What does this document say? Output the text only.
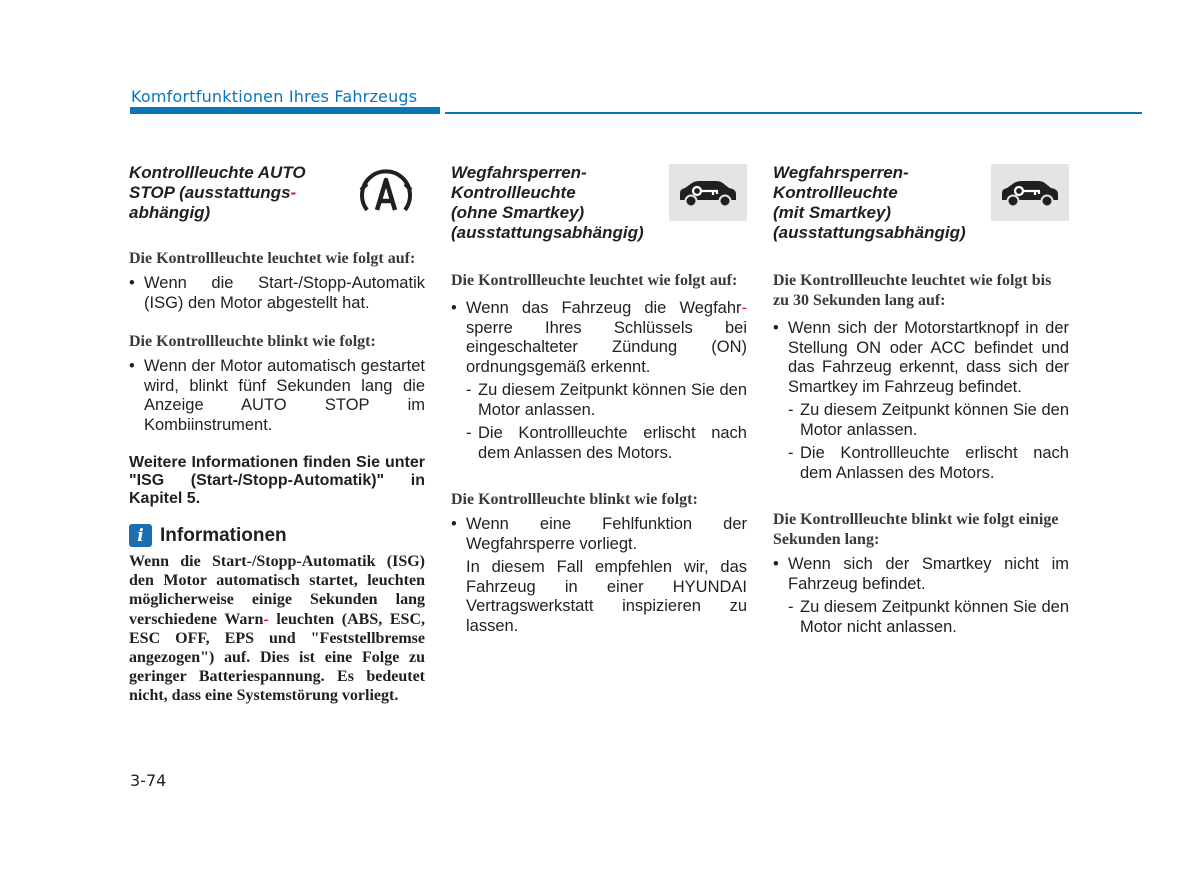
Komfortfunktionen Ihres Fahrzeugs
Kontrollleuchte AUTO
STOP (ausstattungs-
abhängig)
Die Kontrollleuchte leuchtet wie folgt auf:
• Wenn die Start-/Stopp-Automatik (ISG) den Motor abgestellt hat.
Die Kontrollleuchte blinkt wie folgt:
• Wenn der Motor automatisch gestartet wird, blinkt fünf Sekunden lang die Anzeige AUTO STOP im Kombiinstrument.
Weitere Informationen finden Sie unter "ISG (Start-/Stopp-Automatik)" in Kapitel 5.
i Informationen
Wenn die Start-/Stopp-Automatik (ISG) den Motor automatisch startet, leuchten möglicherweise einige Sekunden lang verschiedene Warn- leuchten (ABS, ESC, ESC OFF, EPS und "Feststellbremse angezogen") auf. Dies ist eine Folge zu geringer Batteriespannung. Es bedeutet nicht, dass eine Systemstörung vorliegt.
Wegfahrsperren-
Kontrollleuchte
(ohne Smartkey)
(ausstattungsabhängig)
Die Kontrollleuchte leuchtet wie folgt auf:
• Wenn das Fahrzeug die Wegfahr- sperre Ihres Schlüssels bei eingeschalteter Zündung (ON) ordnungsgemäß erkennt.
- Zu diesem Zeitpunkt können Sie den Motor anlassen.
- Die Kontrollleuchte erlischt nach dem Anlassen des Motors.
Die Kontrollleuchte blinkt wie folgt:
• Wenn eine Fehlfunktion der Wegfahrsperre vorliegt.
In diesem Fall empfehlen wir, das Fahrzeug in einer HYUNDAI Vertragswerkstatt inspizieren zu lassen.
Wegfahrsperren-
Kontrollleuchte
(mit Smartkey)
(ausstattungsabhängig)
Die Kontrollleuchte leuchtet wie folgt bis zu 30 Sekunden lang auf:
• Wenn sich der Motorstartknopf in der Stellung ON oder ACC befindet und das Fahrzeug erkennt, dass sich der Smartkey im Fahrzeug befindet.
- Zu diesem Zeitpunkt können Sie den Motor anlassen.
- Die Kontrollleuchte erlischt nach dem Anlassen des Motors.
Die Kontrollleuchte blinkt wie folgt einige Sekunden lang:
• Wenn sich der Smartkey nicht im Fahrzeug befindet.
- Zu diesem Zeitpunkt können Sie den Motor nicht anlassen.
3-74
